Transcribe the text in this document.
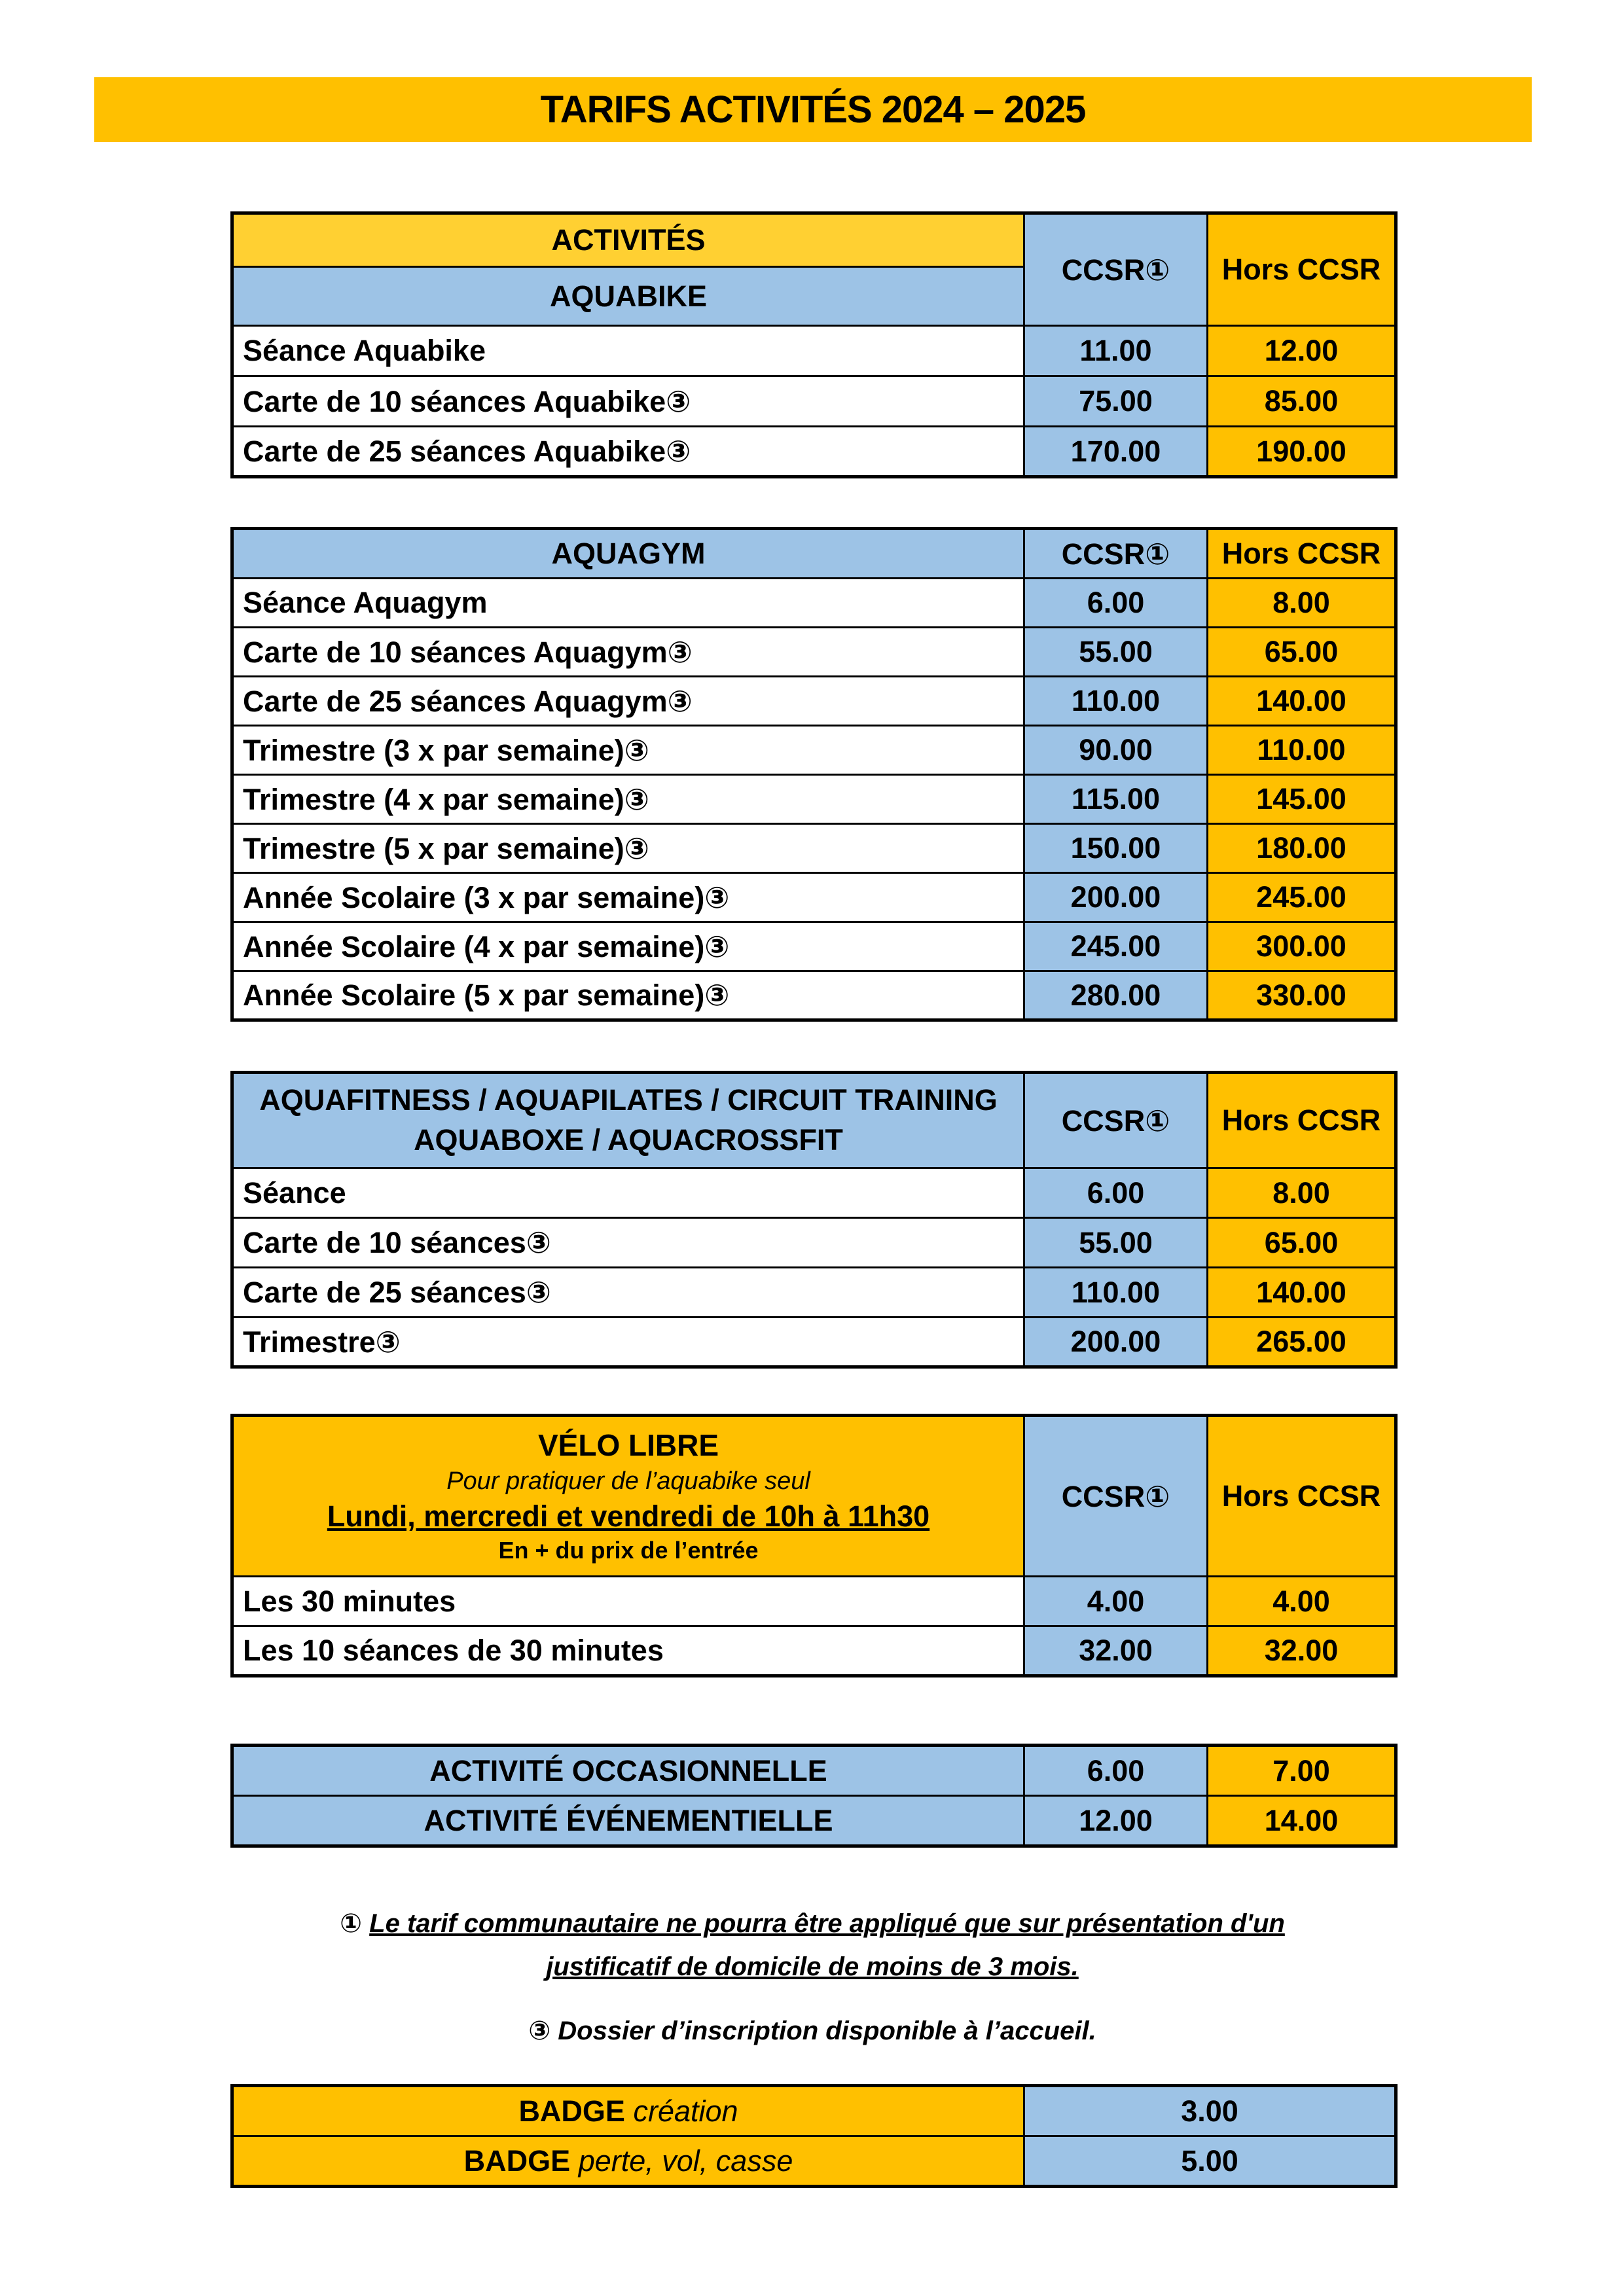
TARIFS ACTIVITÉS 2024 – 2025
ACTIVITÉS	CCSR①	Hors CCSR
AQUABIKE		
Séance Aquabike	11.00	12.00
Carte de 10 séances Aquabike③	75.00	85.00
Carte de 25 séances Aquabike③	170.00	190.00
AQUAGYM	CCSR①	Hors CCSR
Séance Aquagym	6.00	8.00
Carte de 10 séances Aquagym③	55.00	65.00
Carte de 25 séances Aquagym③	110.00	140.00
Trimestre (3 x par semaine)③	90.00	110.00
Trimestre (4 x par semaine)③	115.00	145.00
Trimestre (5 x par semaine)③	150.00	180.00
Année Scolaire (3 x par semaine)③	200.00	245.00
Année Scolaire (4 x par semaine)③	245.00	300.00
Année Scolaire (5 x par semaine)③	280.00	330.00
AQUAFITNESS / AQUAPILATES / CIRCUIT TRAINING
AQUABOXE / AQUACROSSFIT	CCSR①	Hors CCSR
Séance	6.00	8.00
Carte de 10 séances③	55.00	65.00
Carte de 25 séances③	110.00	140.00
Trimestre③	200.00	265.00
VÉLO LIBRE
Pour pratiquer de l’aquabike seul
Lundi, mercredi et vendredi de 10h à 11h30
En + du prix de l’entrée	CCSR①	Hors CCSR
Les 30 minutes	4.00	4.00
Les 10 séances de 30 minutes	32.00	32.00
ACTIVITÉ OCCASIONNELLE	6.00	7.00
ACTIVITÉ ÉVÉNEMENTIELLE	12.00	14.00
① Le tarif communautaire ne pourra être appliqué que sur présentation d'un
justificatif de domicile de moins de 3 mois.
③ Dossier d’inscription disponible à l’accueil.
BADGE création	3.00
BADGE perte, vol, casse	5.00
